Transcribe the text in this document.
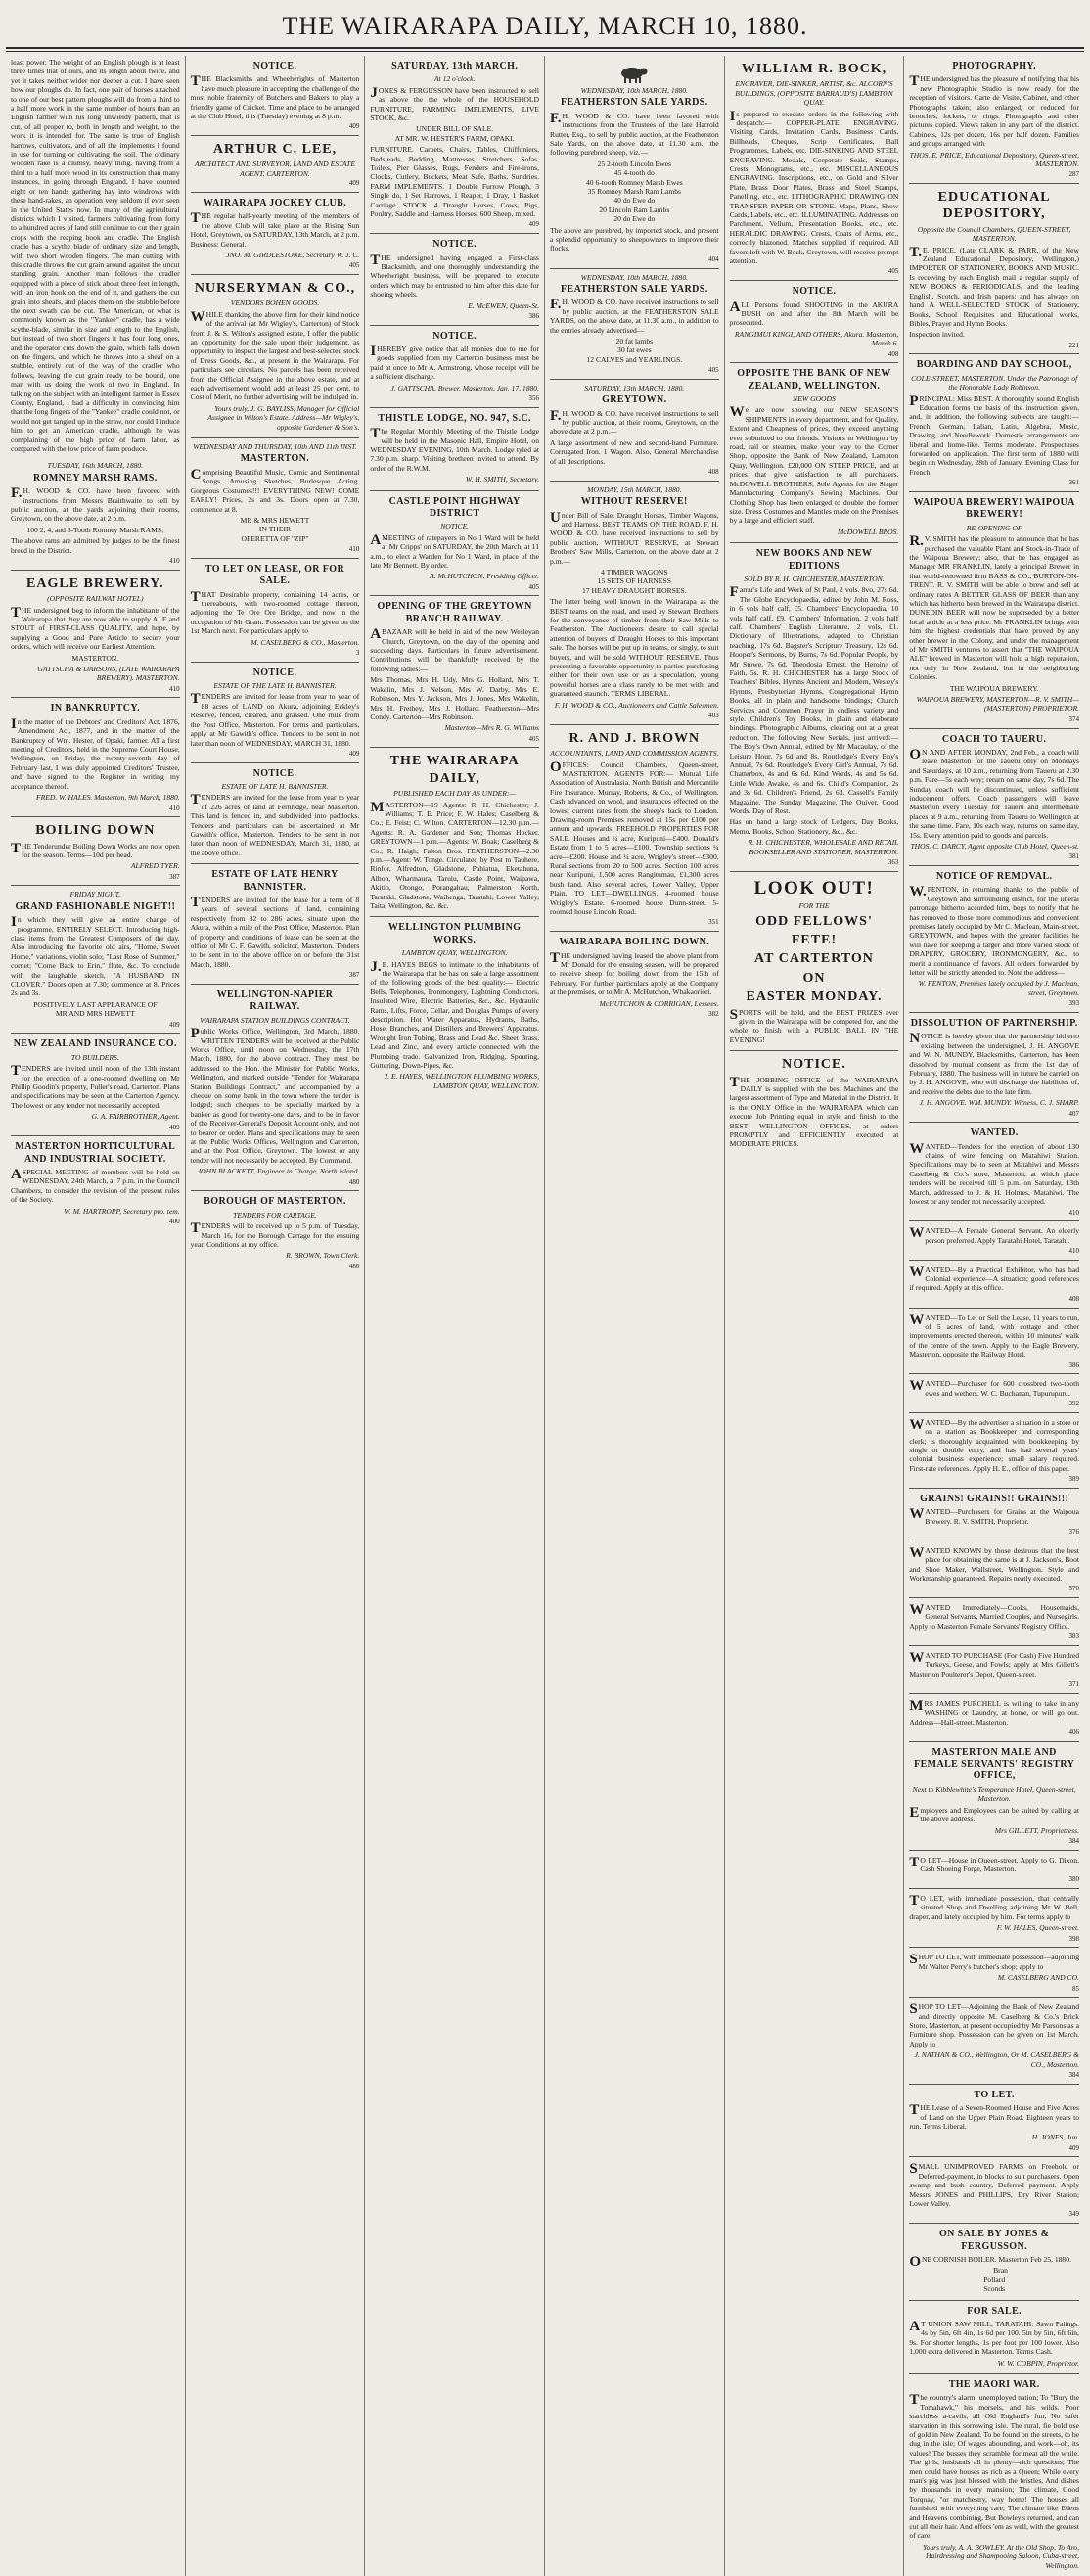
THE WAIRARAPA DAILY, MARCH 10, 1880.
least power. The weight of an English plough is at least three times that of ours, and its length about twice, and yet it takes neither wider nor deeper a cut. I have seen how our ploughs do. In fact, one pair of horses attached to one of our best pattern ploughs will do from a third to a half more work in the same number of hours than an English farmer with his long unwieldy pattern, that is cut, of all proper to, both in length and weight, to the work it is intended for. The same is true of English harrows, cultivators, and of all the implements I found in use for turning or cultivating the soil. The ordinary wooden rake is a clumsy, heavy thing, having from a third to a half more wood in its construction than many instances, in going through England, I have counted eight or ten hands gathering hay into windrows with these hand-rakes, an operation very seldom if ever seen in the United States now. In many of the agricultural districts which I visited, farmers cultivating from forty to a hundred acres of land still continue to cut their grain crops with the reaping hook and cradle. The English cradle has a scythe blade of ordinary size and length, with two short wooden fingers. The man cutting with this cradle throws the cut grain around against the uncut standing grain. Another man follows the cradler equipped with a piece of stick about three feet in length, with an iron hook on the end of it, and gathers the cut grain into sheafs, and places them on the stubble before the next swath can be cut. The American, or what is commonly known as the "Yankee" cradle, has a wide scythe-blade, similar in size and length to the English, but instead of two short fingers it has four long ones, and the operator cuts down the grain, which falls down on the fingers, and which he throws into a sheaf on a stubble, entirely out of the way of the cradler who follows, leaving the cut grain ready to be bound, one man with us doing the work of two in England. In talking on the subject with an intelligent farmer in Essex County, England, I had a difficulty in convincing him that the long fingers of the "Yankee" cradle could not, or would not get tangled up in the straw, nor could I induce him to get an American cradle, although he was complaining of the high price of farm labor, as compared with the low price of farm produce.
TUESDAY, 16th MARCH, 1880.
ROMNEY MARSH RAMS.
F.H. WOOD & CO. have been favored with instructions from Messrs Braithwaite to sell by public auction, at the yards adjoining their rooms, Greytown, on the above date, at 2 p.m.
100 2, 4, and 6-Tooth Romney Marsh RAMS;
The above rams are admitted by judges to be the finest breed in the District.
410
EAGLE BREWERY.
(OPPOSITE RAILWAY HOTEL)
THE undersigned beg to inform the inhabitants of the Wairarapa that they are now able to supply ALE and STOUT of FIRST-CLASS QUALITY, and hope, by supplying a Good and Pure Article to secure your orders, which will receive our Earliest Attention.
MASTERTON.
GATTSCHA & DARSONS, (LATE WAIRARAPA BREWERY). MASTERTON.
410
IN BANKRUPTCY.
In the matter of the Debtors' and Creditors' Act, 1876, Amendment Act, 1877, and in the matter of the Bankruptcy of Wm. Hester, of Opaki, farmer. AT a first meeting of Creditors, held in the Supreme Court House, Wellington, on Friday, the twenty-seventh day of February last, I was duly appointed Creditors' Trustee, and have signed to the Register in writing my acceptance thereof.
FRED. W. HALES. Masterton, 9th March, 1880.
410
BOILING DOWN
THE Tenderunder Boiling Down Works are now open for the season. Terms—10d per head.
ALFRED TYER.
387
FRIDAY NIGHT.
GRAND FASHIONABLE NIGHT!!
In which they will give an entire change of programme, ENTIRELY SELECT. Introducing high-class items from the Greatest Composers of the day. Also introducing the favorite old airs, "Home, Sweet Home," variations, violin solo; "Last Rose of Summer," cornet; "Come Back to Erin," flute, &c. To conclude with the laughable sketch, "A HUSBAND IN CLOVER." Doors open at 7.30; commence at 8. Prices 2s and 3s.
POSITIVELY LAST APPEARANCE OF
MR AND MRS HEWETT
409
NEW ZEALAND INSURANCE CO.
TO BUILDERS.
TENDERS are invited until noon of the 13th instant for the erection of a one-roomed dwelling on Mr Phillip Goodin's property, Fuller's road, Carterton. Plans and specifications may be seen at the Carterton Agency. The lowest or any tender not necessarily accepted.
G. A. FAIRBROTHER, Agent.
409
MASTERTON HORTICULTURAL AND INDUSTRIAL SOCIETY.
ASPECIAL MEETING of members will be held on WEDNESDAY, 24th March, at 7 p.m. in the Council Chambers, to consider the revision of the present rules of the Society.
W. M. HARTROPP, Secretary pro. tem.
400
NOTICE.
THE Blacksmiths and Wheelwrights of Masterton have much pleasure in accepting the challenge of the most noble fraternity of Butchers and Bakers to play a friendly game of Cricket. Time and place to be arranged at the Club Hotel, this (Tuesday) evening at 8 p.m.
409
ARTHUR C. LEE,
ARCHITECT AND SURVEYOR, LAND AND ESTATE AGENT, CARTERTON.
409
WAIRARAPA JOCKEY CLUB.
THE regular half-yearly meeting of the members of the above Club will take place at the Rising Sun Hotel, Greytown, on SATURDAY, 13th March, at 2 p.m. Business: General.
JNO. M. GIRDLESTONE, Secretary W. J. C.
405
NURSERYMAN & CO.,
VENDORS BOHEN GOODS.
WHILE thanking the above firm for their kind notice of the arrival (at Mr Wigley's, Carterton) of Stock from J. & S. Wilton's assigned estate, I offer the public an opportunity for the sale upon their judgement, as opportunity to inspect the largest and best-selected stock of Dress Goods, &c., at present in the Wairarapa. For particulars see circulars. No parcels has been received from the Official Assignee in the above estate, and at each advertisement would add at least 25 per cent. to Cost of Merit, no further advertising will be indulged in.
Yours truly, J. G. BAYLISS, Manager for Official Assignee in Wilton's Estate. Address—Mr Wigley's, opposite Gardener & Son's.
WEDNESDAY AND THURSDAY, 10th AND 11th INST.
MASTERTON.
Comprising Beautiful Music, Comic and Sentimental Songs, Amusing Sketches, Burlesque Acting. Gorgeous Costumes!!! EVERYTHING NEW! COME EARLY! Prices, 2s and 3s. Doors open at 7.30, commence at 8.
MR & MRS HEWETT
IN THEIR
OPERETTA OF "ZIP"
410
TO LET ON LEASE, OR FOR SALE.
THAT Desirable property, containing 14 acres, or thereabouts, with two-roomed cottage thereon, adjoining the Te Ore Ore Bridge, and now in the occupation of Mr Grant. Possession can be given on the 1st March next. For particulars apply to
M. CASELBERG & CO., Masterton.
3
NOTICE.
ESTATE OF THE LATE H. BANNISTER.
TENDERS are invited for lease from year to year of 88 acres of LAND on Akura, adjoining Eckley's Reserve, fenced, cleared, and grassed. One mile from the Post Office, Masterton. For terms and particulars, apply at Mr Gawith's office. Tenders to be sent in not later than noon of WEDNESDAY, MARCH 31, 1880.
409
NOTICE.
ESTATE OF LATE H. BANNISTER.
TENDERS are invited for the lease from year to year of 226 acres of land at Fernridge, near Masterton. This land is fenced in, and subdivided into paddocks. Tenders and particulars can be ascertained at Mr Gawith's office, Masterton. Tenders to be sent in not later than noon of WEDNESDAY, March 31, 1880, at the above office.
ESTATE OF LATE HENRY BANNISTER.
TENDERS are invited for the lease for a term of 8 years of several sections of land, containing respectively from 32 to 286 acres, situate upon the Akura, within a mile of the Post Office, Masterton. Plan of property and conditions of lease can be seen at the office of Mr C. F. Gawith, solicitor, Masterton. Tenders to be sent in to the above office on or before the 31st March, 1880.
387
WELLINGTON-NAPIER RAILWAY.
WAIRARAPA STATION BUILDINGS CONTRACT.
Public Works Office, Wellington, 3rd March, 1880. WRITTEN TENDERS will be received at the Public Works Office, until noon on Wednesday, the 17th March, 1880, for the above contract. They must be addressed to the Hon. the Minister for Public Works, Wellington, and marked outside "Tender for Wairarapa Station Buildings Contract," and accompanied by a cheque on some bank in the town where the tender is lodged; such cheques to be specially marked by a banker as good for twenty-one days, and to be in favor of the Receiver-General's Deposit Account only, and not to bearer or order. Plans and specifications may be seen at the Public Works Offices, Wellington and Carterton, and at the Post Office, Greytown. The lowest or any tender will not necessarily be accepted. By Command.
JOHN BLACKETT, Engineer in Charge, North Island.
480
BOROUGH OF MASTERTON.
TENDERS FOR CARTAGE.
TENDERS will be received up to 5 p.m. of Tuesday, March 16, for the Borough Cartage for the ensuing year. Conditions at my office.
R. BROWN, Town Clerk.
480
SATURDAY, 13th MARCH.
At 12 o'clock.
JONES & FERGUSSON have been instructed to sell as above the the whole of the HOUSEHOLD FURNITURE, FARMING IMPLEMENTS, LIVE STOCK, &c.
UNDER BILL OF SALE.
AT MR. W. HESTER'S FARM, OPAKI.
FURNITURE. Carpets, Chairs, Tables, Chiffoniers, Bedsteads, Bedding, Mattresses, Stretchers, Sofas, Toilets, Pier Glasses, Rugs, Fenders and Fire-irons, Clocks, Cutlery, Buckets, Meat Safe, Baths, Sundries. FARM IMPLEMENTS. 1 Double Furrow Plough, 3 Single do, 1 Set Harrows, 1 Reaper, 1 Dray, 1 Basket Carriage. STOCK. 4 Draught Horses, Cows, Pigs, Poultry, Saddle and Harness Horses, 600 Sheep, mixed.
409
NOTICE.
THE undersigned having engaged a First-class Blacksmith, and one thoroughly understanding the Wheelwright business, will be prepared to execute orders which may be entrusted to him after this date for shoeing wheels.
E. McEWEN, Queen-St.
386
NOTICE.
IHEREBY give notice that all monies due to me for goods supplied from my Carterton business must be paid at once to Mr A. Armstrong, whose receipt will be a sufficient discharge.
J. GATTSCHA, Brewer. Masterton, Jan. 17, 1880.
356
THISTLE LODGE, NO. 947, S.C.
The Regular Monthly Meeting of the Thistle Lodge will be held in the Masonic Hall, Empire Hotel, on WEDNESDAY EVENING, 10th March. Lodge tyled at 7.30 p.m. sharp. Visiting brethren invited to attend. By order of the R.W.M.
W. H. SMITH, Secretary.
CASTLE POINT HIGHWAY DISTRICT
NOTICE.
AMEETING of ratepayers in No 1 Ward will be held at Mr Cripps' on SATURDAY, the 20th March, at 11 a.m., to elect a Warden for No 1 Ward, in place of the late Mr Bennett. By order.
A. McHUTCHON, Presiding Officer.
405
OPENING OF THE GREYTOWN BRANCH RAILWAY.
ABAZAAR will be held in aid of the new Wesleyan Church, Greytown, on the day of the opening and succeeding days. Particulars in future advertisement. Contributions will be thankfully received by the following ladies:—
Mrs Thomas, Mrs H. Udy, Mrs G. Hollard, Mrs T. Wakelin, Mrs J. Nelson, Mrs W. Darby, Mrs E. Robinson, Mrs Y. Jackson, Mrs J. Jones, Mrs Wakelin, Mrs H. Frethey, Mrs J. Hollard. Featherston—Mrs Condy. Carterton—Mrs Robinson.
Masterton—Mrs R. G. Williams
405
THE WAIRARAPA DAILY,
PUBLISHED EACH DAY AS UNDER:—
MASTERTON—19 Agents: R. H. Chichester; J. Williams; T. E. Price; F. W. Hales; Caselberg & Co.; E. Feist; C. Wilton. CARTERTON—12.30 p.m.—Agents: R. A. Gardener and Son; Thomas Hocker. GREYTOWN—1 p.m.—Agents: W. Boak; Caselberg & Co.; R. Haigh; Falton Bros. FEATHERSTON—2.30 p.m.—Agent: W. Tonge. Circulated by Post to Tauhere, Rinfor, Alfredton, Gladstone, Pahiatua, Eketahuna, Alhon, Wharmaura, Taruiu, Castle Point, Waipawa, Akitio, Otongo, Porangahau, Palmerston North, Tarataki, Gladstone, Waihenga, Taratahi, Lower Valley, Taita, Wellington, &c. &c.
WELLINGTON PLUMBING WORKS.
LAMBTON QUAY, WELLINGTON.
J.E. HAYES BEGS to intimate to the inhabitants of the Wairarapa that he has on sale a large assortment of the following goods of the best quality:— Electric Bells, Telephones, Ironmongery, Lightning Conductors, Insulated Wire, Electric Batteries, &c., &c. Hydraulic Rams, Lifts, Force, Cellar, and Douglas Pumps of every description. Hot Water Apparatus, Hydrants, Baths, Hose, Branches, and Distillers and Brewers' Apparatus. Wrought Iron Tubing, Brass and Lead &c. Sheet Brass, Lead and Zinc, and every article connected with the Plumbing trade. Galvanized Iron, Ridging, Spouting, Guttering, Down-Pipes, &c.
J. E. HAYES, WELLINGTON PLUMBING WORKS, LAMBTON QUAY, WELLINGTON.
WEDNESDAY, 10th MARCH, 1880.
FEATHERSTON SALE YARDS.
F.H. WOOD & CO. have been favored with instructions from the Trustees of the late Harrold Rutter, Esq., to sell by public auction, at the Featherston Sale Yards, on the above date, at 11.30 a.m., the following purebred sheep, viz.—
25 2-tooth Lincoln Ewes
45 4-tooth do
40 6-tooth Romney Marsh Ewes
35 Romney Marsh Ram Lambs
40 do Ewe do
20 Lincoln Ram Lambs
20 do Ewe do
The above are purebred, by imported stock, and present a splendid opportunity to sheepowners to improve their flocks.
404
WEDNESDAY, 10th MARCH, 1880.
FEATHERSTON SALE YARDS.
F.H. WOOD & CO. have received instructions to sell by public auction, at the FEATHERSTON SALE YARDS, on the above date, at 11.30 a.m., in addition to the entries already advertised—
20 fat lambs
30 fat ewes
12 CALVES and YEARLINGS.
405
SATURDAY, 13th MARCH, 1880.
GREYTOWN.
F.H. WOOD & CO. have received instructions to sell by public auction, at their rooms, Greytown, on the above date at 2 p.m.—
A large assortment of new and second-hand Furniture. Corrugated Iron. 1 Wagon. Also, General Merchandise of all descriptions.
408
MONDAY, 15th MARCH, 1880.
WITHOUT RESERVE!
Under Bill of Sale. Draught Horses, Timber Wagons, and Harness. BEST TEAMS ON THE ROAD. F. H. WOOD & CO. have received instructions to sell by public auction, WITHOUT RESERVE, at Stewart Brothers' Saw Mills, Carterton, on the above date at 2 p.m.—
4 TIMBER WAGONS
15 SETS OF HARNESS
17 HEAVY DRAUGHT HORSES.
The latter being well known in the Wairarapa as the BEST teams on the road, and used by Stewart Brothers for the conveyance of timber from their Saw Mills to Featherston. The Auctioneers desire to call special attention of buyers of Draught Horses to this important sale. The horses will be put up in teams, or singly, to suit buyers, and will be sold WITHOUT RESERVE. Thus presenting a favorable opportunity to parties purchasing either for their own use or as a speculation, young powerful horses are a class rarely to be met with, and guaranteed staunch. TERMS LIBERAL.
F. H. WOOD & CO., Auctioneers and Cattle Salesmen.
403
R. AND J. BROWN
ACCOUNTANTS, LAND AND COMMISSION AGENTS.
OFFICES: Council Chambers, Queen-street, MASTERTON. AGENTS FOR:— Mutual Life Association of Australasia. North British and Mercantile Fire Insurance. Murray, Roberts, & Co., of Wellington. Cash advanced on wool, and insurances effected on the lowest current rates from the sheep's back to London. Drawing-room Premises removed at 15s per £100 per annum and upwards. FREEHOLD PROPERTIES FOR SALE. Houses and ¼ acre, Kuripuni—£400. Donald's Estate from 1 to 5 acres—£100. Township sections ¼ acre—£200. House and ¼ acre, Wrigley's street—£300. Rural sections from 20 to 500 acres. Section 100 acres near Kuripuni, 1,500 acres Rangitumau, £1,300 acres bush land. Also several acres, Lower Valley, Upper Plain. TO LET—DWELLINGS. 4-roomed house Wrigley's Estate. 6-roomed house Dunn-street. 5-roomed house Lincoln Road.
351
WAIRARAPA BOILING DOWN.
THE undersigned having leased the above plant from Mr Donald for the ensuing season, will be prepared to receive sheep for boiling down from the 15th of February. For further particulars apply at the Company at the premises, or to Mr A. McHutchon, Whakaoriori.
McHUTCHON & CORRIGAN, Lessees.
382
WILLIAM R. BOCK,
ENGRAVER, DIE-SINKER, ARTIST, &c. ALCORN'S BUILDINGS, (OPPOSITE BARRAUD'S) LAMBTON QUAY.
Is prepared to execute orders in the following with despatch:— COPPER-PLATE ENGRAVING. Visiting Cards, Invitation Cards, Business Cards, Billheads, Cheques, Scrip Certificates, Ball Programmes, Labels, etc. DIE-SINKING AND STEEL ENGRAVING. Medals, Corporate Seals, Stamps, Crests, Monograms, etc., etc. MISCELLANEOUS ENGRAVING. Inscriptions, etc., on Gold and Silver Plate, Brass Door Plates, Brass and Steel Stamps, Panelling, etc., etc. LITHOGRAPHIC DRAWING ON TRANSFER PAPER OR STONE. Maps, Plans, Show Cards, Labels, etc., etc. ILLUMINATING. Addresses on Parchment, Vellum, Presentation Books, etc., etc. HERALDIC DRAWING. Crests, Coats of Arms, etc., correctly blazoned. Matches supplied if required. All favors left with W. Bock, Greytown, will receive prompt attention.
405
NOTICE.
ALL Persons found SHOOTING in the AKURA BUSH on and after the 8th March will be prosecuted.
RANGIMUI KINGI, AND OTHERS, Akura. Masterton, March 6.
408
OPPOSITE THE BANK OF NEW ZEALAND, WELLINGTON.
NEW GOODS
We are now showing our NEW SEASON'S SHIPMENTS in every department, and for Quality, Extent and Cheapness of prices, they exceed anything ever submitted to our friends. Visitors to Wellington by road, rail or steamer, make your way to the Corner Shop, opposite the Bank of New Zealand, Lambton Quay, Wellington. £20,000 ON STEEP PRICE, and at prices that give satisfaction to all purchasers. McDOWELL BROTHERS, Sole Agents for the Singer Manufacturing Company's Sewing Machines. Our Clothing Shop has been enlarged to double the former size. Dress Costumes and Mantles made on the Premises by a large and efficient staff.
McDOWELL BROS.
NEW BOOKS AND NEW EDITIONS
SOLD BY R. H. CHICHESTER, MASTERTON.
Farrar's Life and Work of St Paul, 2 vols. 8vo, 27s 6d. The Globe Encyclopaedia, edited by John M. Ross, in 6 vols half calf, £5. Chambers' Encyclopaedia, 10 vols half calf, £9. Chambers' Information, 2 vols half calf. Chambers' English Literature, 2 vols, £1. Dictionary of Illustrations, adapted to Christian teaching, 17s 6d. Bagster's Scripture Treasury, 12s 6d. Hooper's Sermons, by Burns, 7s 6d. Popular People, by Mr Stowe, 7s 6d. Theodosia Ernest, the Heroine of Faith, 5s. R. H. CHICHESTER has a large Stock of Teachers' Bibles, Hymns Ancient and Modern, Wesley's Hymns, Presbyterian Hymns, Congregational Hymn Books, all in plain and handsome bindings; Church Services and Common Prayer in endless variety and style. Children's Toy Books, in plain and elaborate bindings. Photographic Albums, clearing out at a great reduction. The following New Serials, just arrived:— The Boy's Own Annual, edited by Mr Macaulay, of the Leisure Hour, 7s 6d and 8s. Routledge's Every Boy's Annual, 7s 6d. Routledge's Every Girl's Annual, 7s 6d. Chatterbox, 4s and 6s 6d. Kind Words, 4s and 5s 6d. Little Wide Awake, 4s and 6s. Child's Companion, 2s and 3s 6d. Children's Friend, 2s 6d. Cassell's Family Magazine. The Sunday Magazine. The Quiver. Good Words. Day of Rest.
Has on hand a large stock of Ledgers, Day Books, Memo. Books, School Stationery, &c., &c.
R. H. CHICHESTER, WHOLESALE AND RETAIL BOOKSELLER AND STATIONER, MASTERTON.
363
LOOK OUT!
FOR THE
ODD FELLOWS'
FETE!
AT CARTERTON
ON
EASTER MONDAY.
SPORTS will be held, and the BEST PRIZES ever given in the Wairarapa will be competed for, and the whole to finish with a PUBLIC BALL IN THE EVENING!
NOTICE.
THE JOBBING OFFICE of the WAIRARAPA DAILY is supplied with the best Machines and the largest assortment of Type and Material in the District. It is the ONLY Office in the WAIRARAPA which can execute Job Printing equal in style and finish to the BEST WELLINGTON OFFICES, at orders PROMPTLY and EFFICIENTLY executed at MODERATE PRICES.
PHOTOGRAPHY.
THE undersigned has the pleasure of notifying that his new Photographic Studio is now ready for the reception of visitors. Carte de Visite, Cabinet, and other Photographs taken; also enlarged, or reduced for brooches, lockets, or rings. Photographs and other pictures copied. Views taken in any part of the district. Cabinets, 12s per dozen, 16s per half dozen. Families and groups arranged with
THOS. E. PRICE, Educational Depository, Queen-street, MASTERTON.
287
EDUCATIONAL DEPOSITORY,
Opposite the Council Chambers, QUEEN-STREET, MASTERTON.
T.E. PRICE, (Late CLARK & FARR, of the New Zealand Educational Depository, Wellington,) IMPORTER OF STATIONERY, BOOKS AND MUSIC. Is receiving by each English mail a regular supply of NEW BOOKS & PERIODICALS, and the leading English, Scotch, and Irish papers; and has always on hand A WELL-SELECTED STOCK of Stationery, Books, School Requisites and Educational works, Bibles, Prayer and Hymn Books.
Inspection invited.
221
BOARDING AND DAY SCHOOL,
COLE-STREET, MASTERTON. Under the Patronage of the Honorable Lady Robinson.
PRINCIPAL: Miss BEST. A thoroughly sound English Education forms the basis of the instruction given, and, in addition, the following subjects are taught:— French, German, Italian, Latin, Algebra, Music, Drawing, and Needlework. Domestic arrangements are liberal and home-like. Terms moderate. Prospectuses forwarded on application. The first term of 1880 will begin on Wednesday, 28th of January. Evening Class for French.
361
WAIPOUA BREWERY! WAIPOUA BREWERY!
RE-OPENING OF
R.V. SMITH has the pleasure to announce that he has purchased the valuable Plant and Stock-in-Trade of the Waipoua Brewery; also, that he has engaged as Manager MR FRANKLIN, lately a principal Brewer in that world-renowned firm BASS & CO., BURTON-ON-TRENT. R. V. SMITH will be able to brew and sell at ordinary rates A BETTER GLASS OF BEER than any which has hitherto been brewed in the Wairarapa district. DUNEDIN BEER will now be superseded by a better local article at a less price. Mr FRANKLIN brings with him the highest credentials that have proved by any other brewer in the Colony, and under the management of Mr SMITH ventures to assert that "THE WAIPOUA ALE" brewed in Masterton will hold a high reputation, not only in New Zealand, but in the neighboring Colonies.
THE WAIPOUA BREWERY.
WAIPOUA BREWERY, MASTERTON—R. V. SMITH—(MASTERTON) PROPRIETOR.
374
COACH TO TAUERU.
ON AND AFTER MONDAY, 2nd Feb., a coach will leave Masterton for the Taueru only on Mondays and Saturdays, at 10 a.m., returning from Taueru at 2.30 p.m. Fare—5s each way; return on same day, 7s 6d. The Sunday coach will be discontinued, unless sufficient inducement offers. Coach passengers will leave Masterton every Tuesday for Taueru and intermediate places at 9 a.m., returning from Taueru to Wellington at the same time. Fare, 10s each way, returns on same day, 15s. Every attention paid to goods and parcels.
THOS. C. DARCY, Agent opposite Club Hotel, Queen-st.
381
NOTICE OF REMOVAL.
W.FENTON, in returning thanks to the public of Greytown and surrounding district, for the liberal patronage hitherto accorded him, begs to notify that he has removed to those more commodious and convenient premises lately occupied by Mr C. Maclean, Main-street, GREYTOWN, and hopes with the greater facilities he will have for keeping a larger and more varied stock of DRAPERY, GROCERY, IRONMONGERY, &c., to merit a continuance of favors. All orders forwarded by letter will be strictly attended to. Note the address—
W. FENTON, Premises lately occupied by J. Maclean, street, Greytown.
393
DISSOLUTION OF PARTNERSHIP.
NOTICE is hereby given that the partnership hitherto existing between the undersigned, J. H. ANGOVE and W. N. MUNDY, Blacksmiths, Carterton, has been dissolved by mutual consent as from the 1st day of February, 1880. The business will in future be carried on by J. H. ANGOVE, who will discharge the liabilities of, and receive the debts due to the late firm.
J. H. ANGOVE. WM. MUNDY. Witness, C. J. SHARP.
407
WANTED.
WANTED—Tenders for the erection of about 130 chains of wire fencing on Matahiwi Station. Specifications may be to seen at Matahiwi and Messrs Caselberg & Co.'s store, Masterton, at which place tenders will be received till 5 p.m. on Saturday, 13th March, addressed to J. & H. Holmes, Matahiwi. The lowest or any tender not necessarily accepted.
410
WANTED—A Female General Servant. An elderly person preferred. Apply Taratahi Hotel, Taratahi.
410
WANTED—By a Practical Exhibitor, who has had Colonial experience—A situation; good references if required. Apply at this office.
408
WANTED—To Let or Sell the Lease, 11 years to run, of 5 acres of land, with cottage and other improvements erected thereon, within 10 minutes' walk of the centre of the town. Apply to the Eagle Brewery, Masterton, opposite the Railway Hotel.
386
WANTED—Purchaser for 600 crossbred two-tooth ewes and wethers. W. C. Buchanan, Tupurupuru.
392
WANTED—By the advertiser a situation in a store or on a station as Bookkeeper and corresponding clerk; is thoroughly acquainted with bookkeeping by single or double entry, and has had several years' colonial business experience; small salary required. First-rate references. Apply H. E., office of this paper.
389
GRAINS! GRAINS!! GRAINS!!!
WANTED—Purchasers for Grains at the Waipoua Brewery. R. V. SMITH, Proprietor.
376
WANTED KNOWN by those desirous that the best place for obtaining the same is at J. Jackson's, Boot and Shoe Maker, Wallstreet, Wellington. Style and Workmanship guaranteed. Repairs neatly executed.
370
WANTED Immediately—Cooks, Housemaids, General Servants, Married Couples, and Nursegirls. Apply to Masterton Female Servants' Registry Office.
383
WANTED TO PURCHASE (For Cash) Five Hundred Turkeys, Geese, and Fowls; apply at Mrs Gillett's Masterton Poulterer's Depot, Queen-street.
371
MRS JAMES PURCHELL is willing to take in any WASHING or Laundry, at home, or will go out. Address—Hall-street, Masterton.
406
MASTERTON MALE AND FEMALE SERVANTS' REGISTRY OFFICE,
Next to Kibblewhite's Temperance Hotel, Queen-street, Masterton.
Employers and Employees can be suited by calling at the above address.
Mrs GILLETT, Proprietress.
384
TO LET—House in Queen-street. Apply to G. Dixon, Cash Shoeing Forge, Masterton.
380
TO LET, with immediate possession, that centrally situated Shop and Dwelling adjoining Mr W. Bell, draper, and lately occupied by him. For terms apply to
F. W. HALES, Queen-street.
398
SHOP TO LET, with immediate possession—adjoining Mr Walter Perry's butcher's shop; apply to
M. CASELBERG AND CO.
85
SHOP TO LET—Adjoining the Bank of New Zealand and directly opposite M. Caselberg & Co.'s Brick Store, Masterton, at present occupied by Mr Parsons as a Furniture shop. Possession can be given on 1st March. Apply to
J. NATHAN & CO., Wellington, Or M. CASELBERG & CO., Masterton.
384
TO LET.
THE Lease of a Seven-Roomed House and Five Acres of Land on the Upper Plain Road. Eighteen years to run. Terms Liberal.
H. JONES, Jun.
409
SMALL UNIMPROVED FARMS on Freehold or Deferred-payment, in blocks to suit purchasers. Open swamp and bush country, Deferred payment. Apply Messrs JONES and PHILLIPS, Dry River Station; Lower Valley.
349
ON SALE BY JONES & FERGUSSON.
ONE CORNISH BOILER. Masterton Feb 25, 1880.
Bran
Pollard
Sconds
FOR SALE.
AT UNION SAW MILL, TARATAHI: Sawn Palings. 4s by 5in, 6ft 4in, 1s 6d per 100. 5in by 5in, 6ft 6in, 9s. For shorter lengths, 1s per foot per 100 lower. Also 1,000 extra delivered in Masterton. Terms Cash.
W. W. COBPIN, Proprietor.
THE MAORI WAR.
The country's alarm, unemployed nation; To "Bury the Tomahawk," his morsels, and his wilds. Poor starchless a-cavils, all Old England's fun, No safer starvation in this sorrowing isle. The rural, fie bold use of gold in New Zealand. To be found on the streets, to be dug in the isle; Of wages abounding, and work—oh, its values! The busses they scramble for meat all the while. The girls, husbands all in plenty—rich questions; The men could have houses as rich as a Queen; While every man's pig was just blessed with the bristles, And dishes by thousands in every mansion; The climate, Good Torquay, "or matchestry, way home! The houses all furnished with everything rare; The climate like Edens and Heavens combining, But Bowley's returned, and can cut all their hair. And offers 'em as well, with the greatest of care.
Yours truly, A. A. BOWLEY. At the Old Shop, To Aro, Hairdressing and Shampooing Saloon, Cuba-street, Wellington.
